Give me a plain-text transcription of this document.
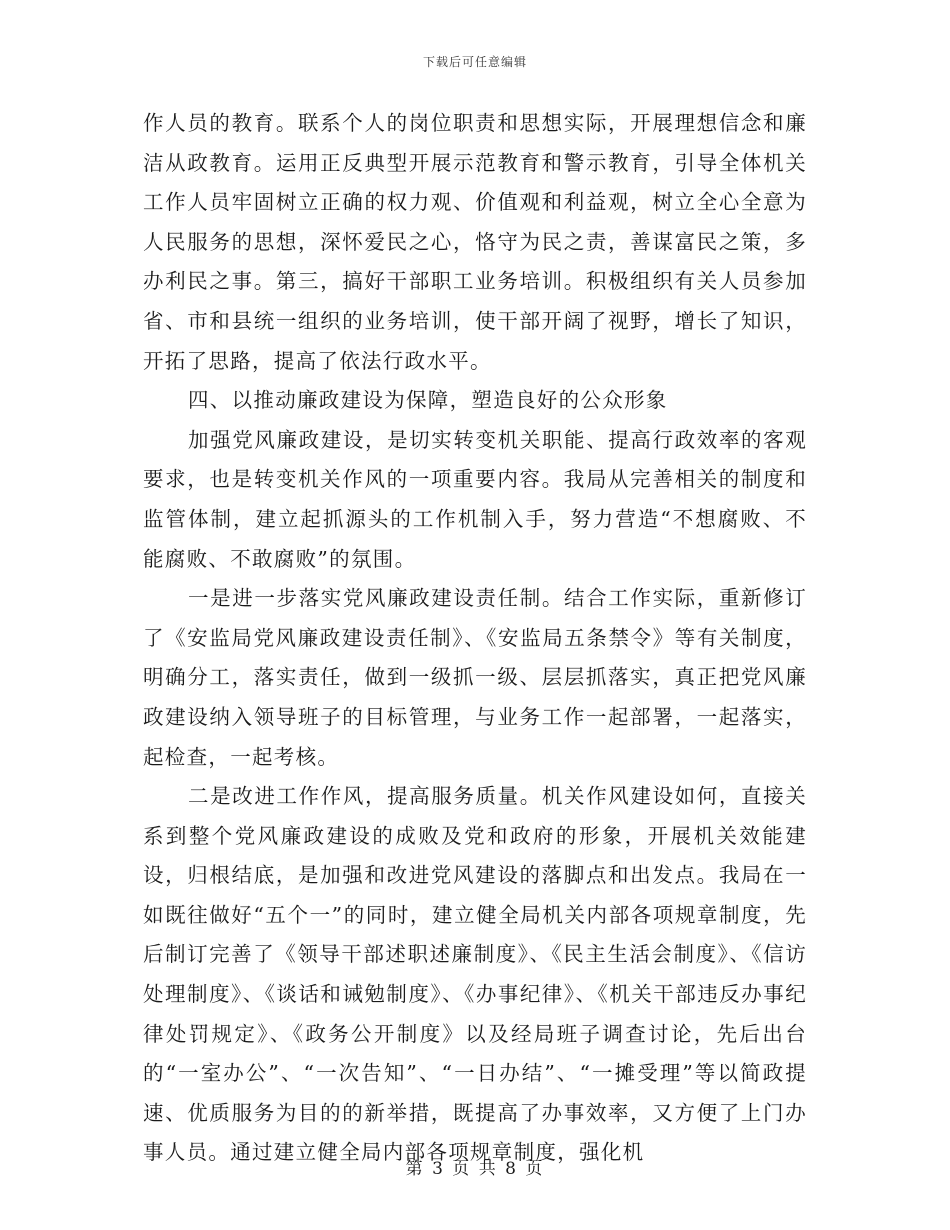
下载后可任意编辑

作人员的教育。联系个人的岗位职责和思想实际，开展理想信念和廉洁从政教育。运用正反典型开展示范教育和警示教育，引导全体机关工作人员牢固树立正确的权力观、价值观和利益观，树立全心全意为人民服务的思想，深怀爱民之心，恪守为民之责，善谋富民之策，多办利民之事。第三，搞好干部职工业务培训。积极组织有关人员参加省、市和县统一组织的业务培训，使干部开阔了视野，增长了知识，开拓了思路，提高了依法行政水平。

四、以推动廉政建设为保障，塑造良好的公众形象

加强党风廉政建设，是切实转变机关职能、提高行政效率的客观要求，也是转变机关作风的一项重要内容。我局从完善相关的制度和监管体制，建立起抓源头的工作机制入手，努力营造“不想腐败、不能腐败、不敢腐败”的氛围。

一是进一步落实党风廉政建设责任制。结合工作实际，重新修订了《安监局党风廉政建设责任制》、《安监局五条禁令》等有关制度，明确分工，落实责任，做到一级抓一级、层层抓落实，真正把党风廉政建设纳入领导班子的目标管理，与业务工作一起部署，一起落实，起检查，一起考核。

二是改进工作作风，提高服务质量。机关作风建设如何，直接关系到整个党风廉政建设的成败及党和政府的形象，开展机关效能建设，归根结底，是加强和改进党风建设的落脚点和出发点。我局在一如既往做好“五个一”的同时，建立健全局机关内部各项规章制度，先后制订完善了《领导干部述职述廉制度》、《民主生活会制度》、《信访处理制度》、《谈话和诫勉制度》、《办事纪律》、《机关干部违反办事纪律处罚规定》、《政务公开制度》以及经局班子调查讨论，先后出台的“一室办公”、“一次告知”、“一日办结”、“一摊受理”等以简政提速、优质服务为目的的新举措，既提高了办事效率，又方便了上门办事人员。通过建立健全局内部各项规章制度，强化机

第 3 页 共 8 页
